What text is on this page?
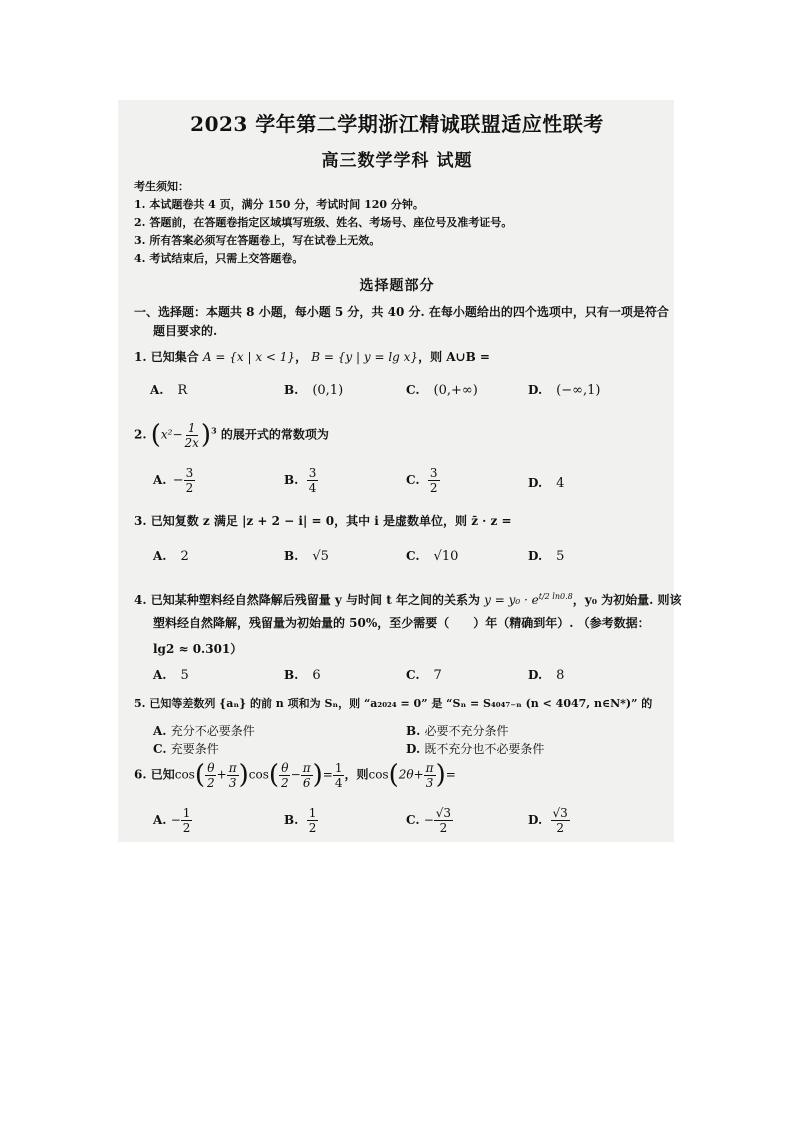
2023 学年第二学期浙江精诚联盟适应性联考
高三数学学科 试题
考生须知：
1. 本试题卷共 4 页，满分 150 分，考试时间 120 分钟。
2. 答题前，在答题卷指定区域填写班级、姓名、考场号、座位号及准考证号。
3. 所有答案必须写在答题卷上，写在试卷上无效。
4. 考试结束后，只需上交答题卷。
选择题部分
一、选择题：本题共 8 小题，每小题 5 分，共 40 分. 在每小题给出的四个选项中，只有一项是符合
题目要求的.
1. 已知集合 A = {x | x < 1}， B = {y | y = lg x}，则 A∪B =
A. R	B. (0,1)	C. (0,+∞)	D. (−∞,1)
2. $(x^2- \frac{1}{2x} )^3$ 的展开式的常数项为
A. − $\frac{3}{2}$	B. $\frac{3}{4}$	C. $\frac{3}{2}$	D. 4
3. 已知复数 z 满足 |z + 2 − i| = 0，其中 i 是虚数单位，则 z̄ · z =
A. 2	B. √5	C. √10	D. 5
4. 已知某种塑料经自然降解后残留量 y 与时间 t 年之间的关系为 $y = y_0 \cdot e^{t/2 ln0.8}$，y₀ 为初始量. 则该
塑料经自然降解，残留量为初始量的 50%，至少需要（　　）年（精确到年）. （参考数据：
lg2 ≈ 0.301）
A. 5	B. 6	C. 7	D. 8
5. 已知等差数列 {aₙ} 的前 n 项和为 Sₙ，则 “a₂₀₂₄ = 0” 是 “Sₙ = S₄₀₄₇₋ₙ (n < 4047, n∈N*)” 的
A. 充分不必要条件	B. 必要不充分条件
C. 充要条件	D. 既不充分也不必要条件
6. 已知$\cos( \frac{\theta}{2} + \frac{\pi}{3} )\cos( \frac{\theta}{2} - \frac{\pi}{6}$ )= $\frac{1}{4}$ ，则$\cos(2\theta+ \frac{\pi}{3}$ )=
A. − $\frac{1}{2}$	B. $\frac{1}{2}$	C. − $\frac{√3}{2}$	D. $\frac{√3}{2}$
